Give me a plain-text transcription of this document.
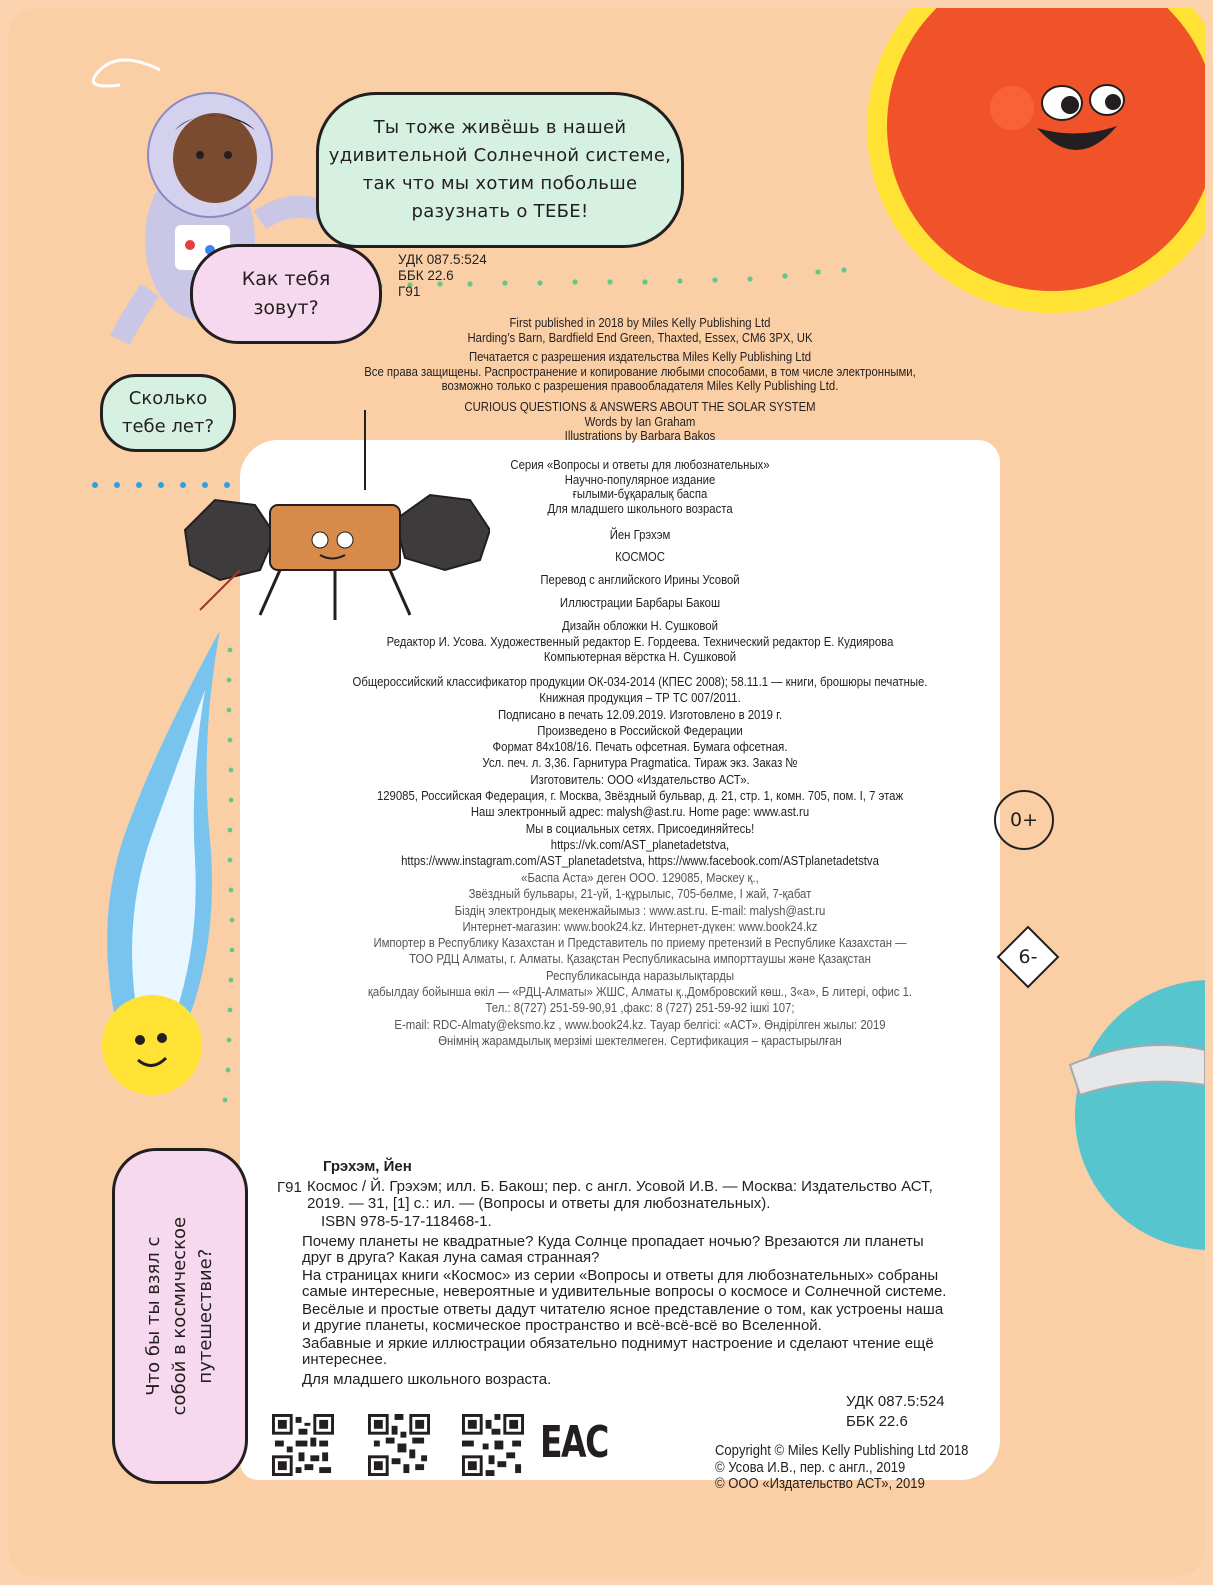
Ты тоже живёшь в нашей
удивительной Солнечной системе,
так что мы хотим побольше
разузнать о ТЕБЕ!
Как тебя
зовут?
Сколько
тебе лет?
Что бы ты взял с собой в космическое путешествие?
УДК 087.5:524
ББК 22.6
Г91
First published in 2018 by Miles Kelly Publishing Ltd
Harding’s Barn, Bardfield End Green, Thaxted, Essex, CM6 3PX, UK
Печатается с разрешения издательства Miles Kelly Publishing Ltd
Все права защищены. Распространение и копирование любыми способами, в том числе электронными,
возможно только с разрешения правообладателя Miles Kelly Publishing Ltd.
CURIOUS QUESTIONS & ANSWERS ABOUT THE SOLAR SYSTEM
Words by Ian Graham
Illustrations by Barbara Bakos
Серия «Вопросы и ответы для любознательных»
Научно-популярное издание
ғылыми-бұқаралық баспа
Для младшего школьного возраста
Йен Грэхэм
КОСМОС
Перевод с английского Ирины Усовой
Иллюстрации Барбары Бакош
Дизайн обложки Н. Сушковой
Редактор И. Усова. Художественный редактор Е. Гордеева. Технический редактор Е. Кудиярова
Компьютерная вёрстка Н. Сушковой
Общероссийский классификатор продукции ОК-034-2014 (КПЕС 2008); 58.11.1 — книги, брошюры печатные.
Книжная продукция – ТР ТС 007/2011.
Подписано в печать 12.09.2019. Изготовлено в 2019 г.
Произведено в Российской Федерации
Формат 84x108/16. Печать офсетная. Бумага офсетная.
Усл. печ. л. 3,36. Гарнитура Pragmatica. Тираж экз. Заказ №
Изготовитель: ООО «Издательство АСТ».
129085, Российская Федерация, г. Москва, Звёздный бульвар, д. 21, стр. 1, комн. 705, пом. I, 7 этаж
Наш электронный адрес: malysh@ast.ru. Home page: www.ast.ru
Мы в социальных сетях. Присоединяйтесь!
https://vk.com/AST_planetadetstva,
https://www.instagram.com/AST_planetadetstva, https://www.facebook.com/ASTplanetadetstva
«Баспа Аста» деген ООО. 129085, Мәскеу қ.,
Звёздный бульвары, 21-үй, 1-құрылыс, 705-бөлме, I жай, 7-қабат
Біздің электрондық мекенжайымыз : www.ast.ru. E-mail: malysh@ast.ru
Интернет-магазин: www.book24.kz. Интернет-дүкен: www.book24.kz
Импортер в Республику Казахстан и Представитель по приему претензий в Республике Казахстан —
ТОО РДЦ Алматы, г. Алматы. Қазақстан Республикасына импорттаушы және Қазақстан
Республикасында наразылықтарды
қабылдау бойынша өкіл — «РДЦ-Алматы» ЖШС, Алматы қ.,Домбровский көш., 3«а», Б литері, офис 1.
Тел.: 8(727) 251-59-90,91 ,факс: 8 (727) 251-59-92 ішкі 107;
E-mail: RDC-Almaty@eksmo.kz , www.book24.kz. Тауар белгісі: «АСТ». Өндірілген жылы: 2019
Өнімнің жарамдылық мерзімі шектелмеген. Сертификация – қарастырылған
0+
6-
Грэхэм, Йен
Г91 Космос / Й. Грэхэм; илл. Б. Бакош; пер. с англ. Усовой И.В. — Москва: Издательство АСТ,
2019. — 31, [1] с.: ил. — (Вопросы и ответы для любознательных).
ISBN 978-5-17-118468-1.
Почему планеты не квадратные? Куда Солнце пропадает ночью? Врезаются ли планеты
друг в друга? Какая луна самая странная?
На страницах книги «Космос» из серии «Вопросы и ответы для любознательных» собраны
самые интересные, невероятные и удивительные вопросы о космосе и Солнечной системе.
Весёлые и простые ответы дадут читателю ясное представление о том, как устроены наша
и другие планеты, космическое пространство и всё-всё-всё во Вселенной.
Забавные и яркие иллюстрации обязательно поднимут настроение и сделают чтение ещё
интереснее.
Для младшего школьного возраста.
УДК 087.5:524
ББК 22.6
EAC	Copyright © Miles Kelly Publishing Ltd 2018
© Усова И.В., пер. с англ., 2019
© ООО «Издательство АСТ», 2019
